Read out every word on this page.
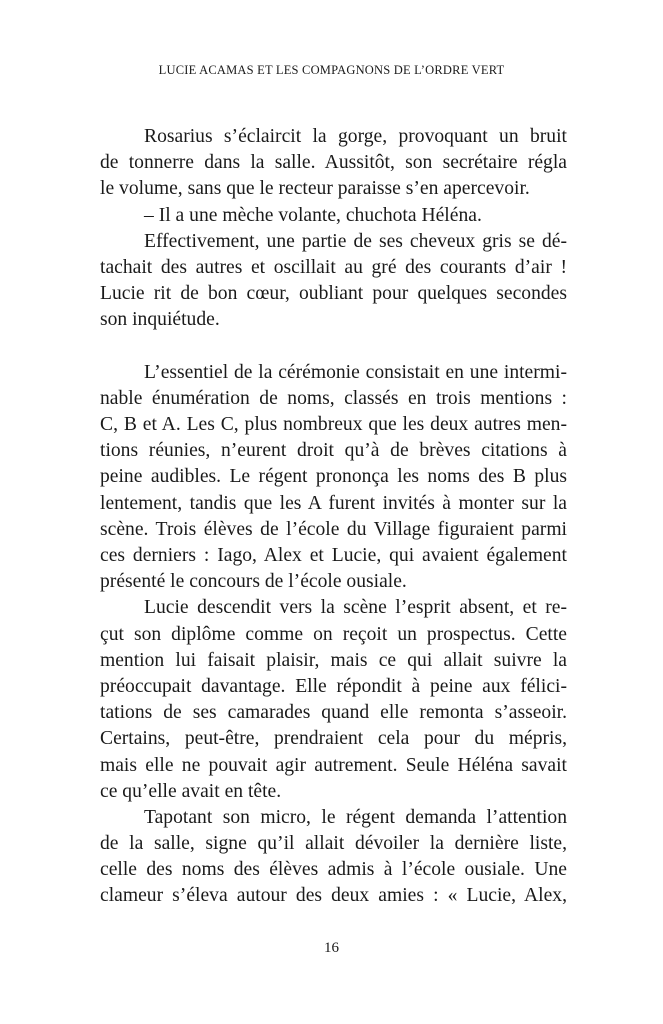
LUCIE ACAMAS ET LES COMPAGNONS DE L’ORDRE VERT
Rosarius s’éclaircit la gorge, provoquant un bruit
de tonnerre dans la salle. Aussitôt, son secrétaire régla
le volume, sans que le recteur paraisse s’en apercevoir.
– Il a une mèche volante, chuchota Héléna.
Effectivement, une partie de ses cheveux gris se dé-
tachait des autres et oscillait au gré des courants d’air !
Lucie rit de bon cœur, oubliant pour quelques secondes
son inquiétude.
L’essentiel de la cérémonie consistait en une intermi-
nable énumération de noms, classés en trois mentions :
C, B et A. Les C, plus nombreux que les deux autres men-
tions réunies, n’eurent droit qu’à de brèves citations à
peine audibles. Le régent prononça les noms des B plus
lentement, tandis que les A furent invités à monter sur la
scène. Trois élèves de l’école du Village figuraient parmi
ces derniers : Iago, Alex et Lucie, qui avaient également
présenté le concours de l’école ousiale.
Lucie descendit vers la scène l’esprit absent, et re-
çut son diplôme comme on reçoit un prospectus. Cette
mention lui faisait plaisir, mais ce qui allait suivre la
préoccupait davantage. Elle répondit à peine aux félici-
tations de ses camarades quand elle remonta s’asseoir.
Certains, peut-être, prendraient cela pour du mépris,
mais elle ne pouvait agir autrement. Seule Héléna savait
ce qu’elle avait en tête.
Tapotant son micro, le régent demanda l’attention
de la salle, signe qu’il allait dévoiler la dernière liste,
celle des noms des élèves admis à l’école ousiale. Une
clameur s’éleva autour des deux amies : « Lucie, Alex,
16
